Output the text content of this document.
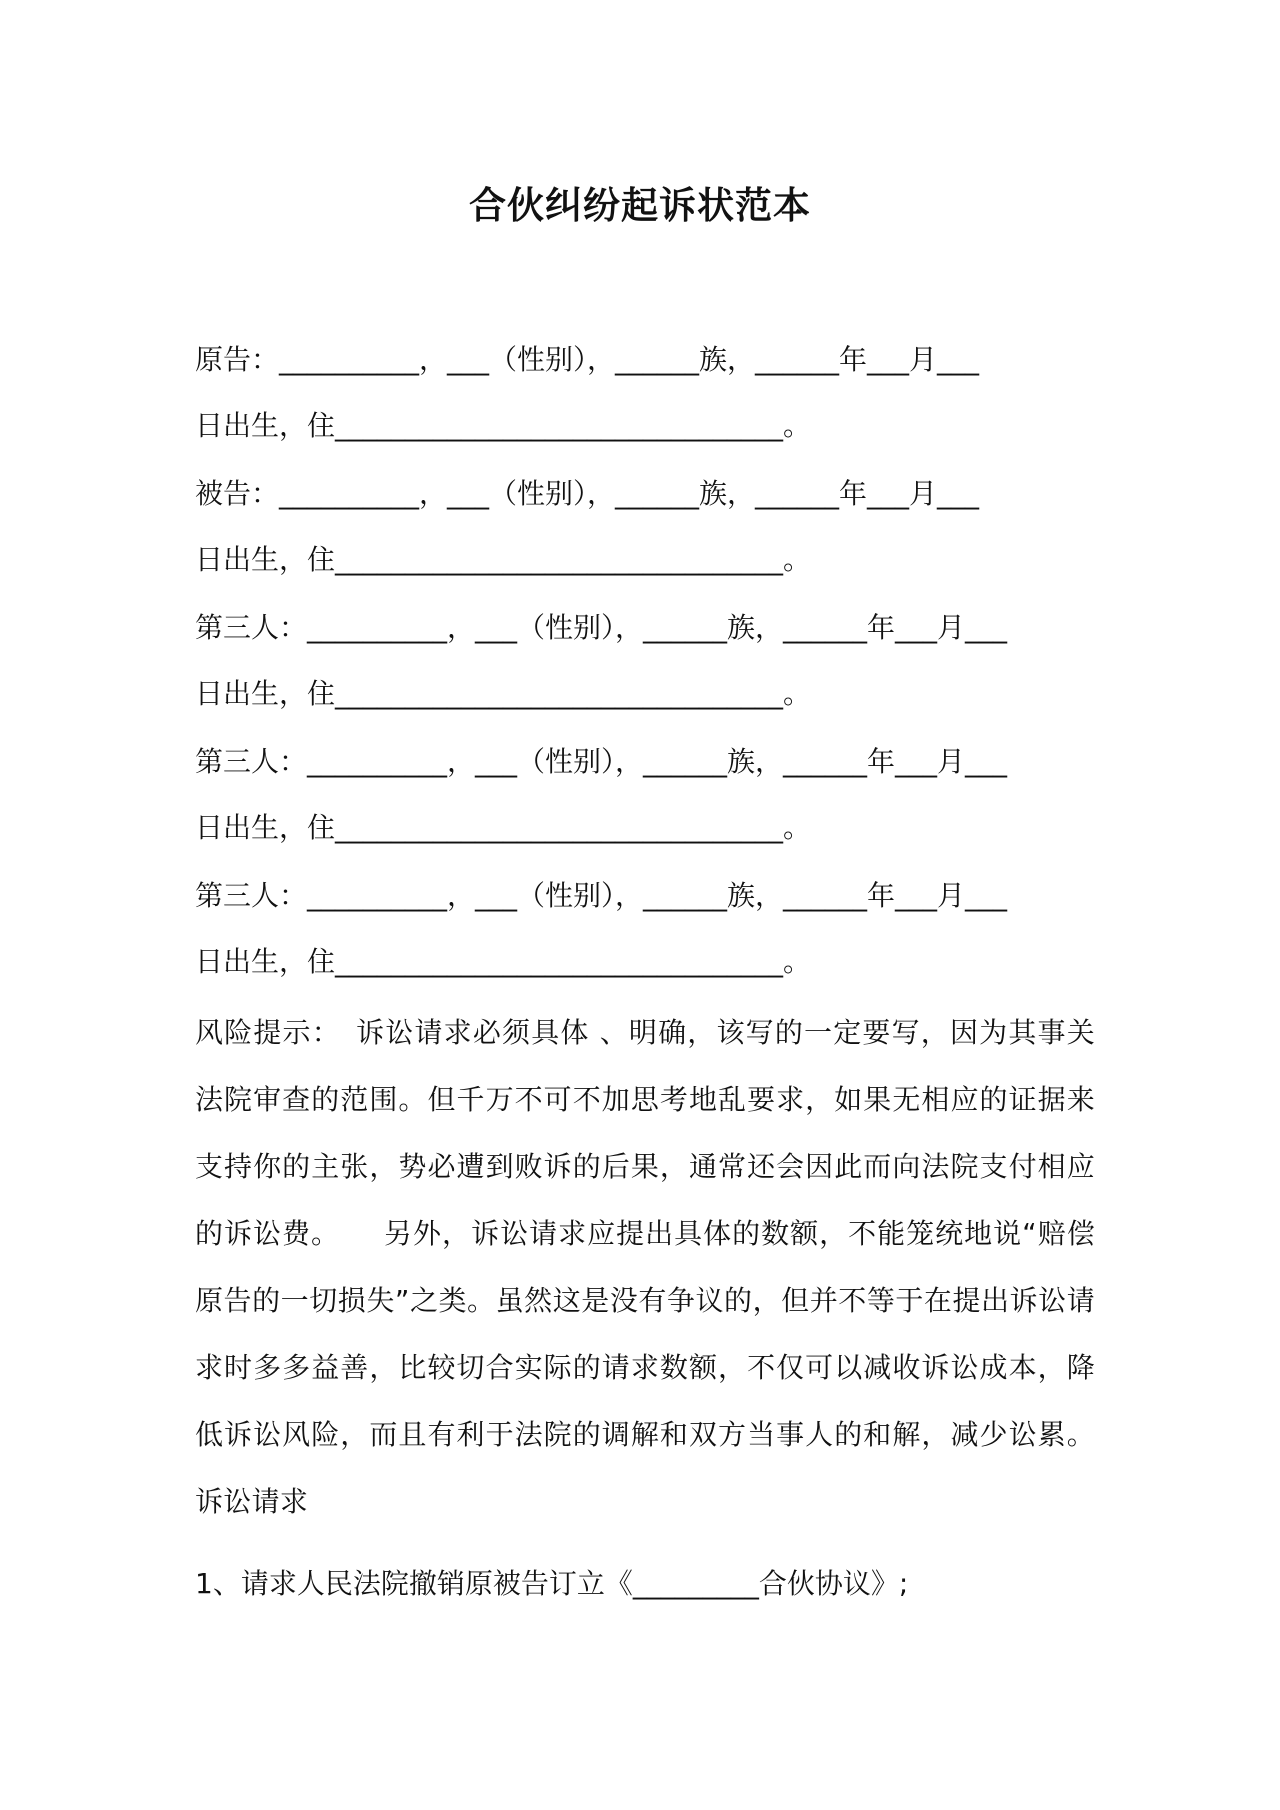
合伙纠纷起诉状范本
原告：__________，___（性别），______族，______年___月___
日出生，住________________________________。
被告：__________，___（性别），______族，______年___月___
日出生，住________________________________。
第三人：__________，___（性别），______族，______年___月___
日出生，住________________________________。
第三人：__________，___（性别），______族，______年___月___
日出生，住________________________________。
第三人：__________，___（性别），______族，______年___月___
日出生，住________________________________。
风险提示：　诉讼请求必须具体 、明确，该写的一定要写，因为其事关法院审查的范围。但千万不可不加思考地乱要求，如果无相应的证据来支持你的主张，势必遭到败诉的后果，通常还会因此而向法院支付相应的诉讼费。　　另外，诉讼请求应提出具体的数额，不能笼统地说“赔偿原告的一切损失”之类。虽然这是没有争议的，但并不等于在提出诉讼请求时多多益善，比较切合实际的请求数额，不仅可以减收诉讼成本，降低诉讼风险，而且有利于法院的调解和双方当事人的和解，减少讼累。 诉讼请求
1、请求人民法院撤销原被告订立《_________合伙协议》;
